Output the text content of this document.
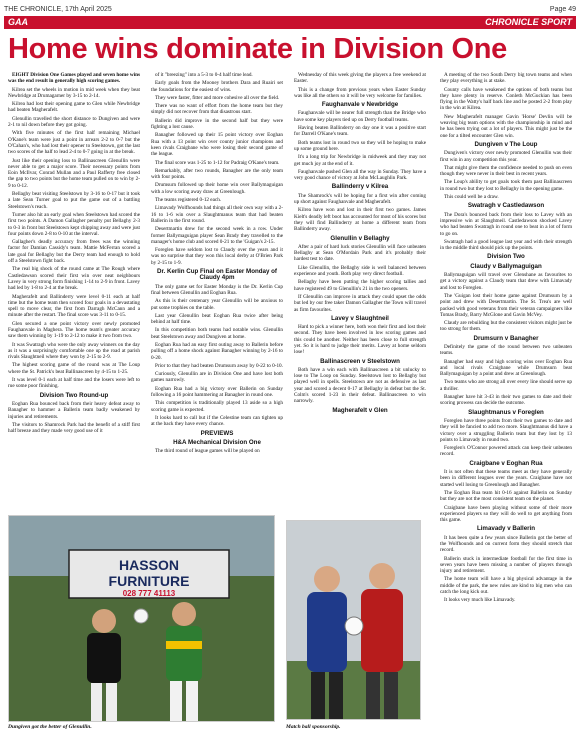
THE CHRONICLE, 17th April 2025	Page 49
GAA	CHRONICLE SPORT
Home wins dominate in Division One

EIGHT Division One Games played and seven home wins was the end result in generally high scoring games.

Kilrea set the wheels in motion in mid week when they beat Newbridge at Drumagarner by 3-15 to 2-14.

Kilrea had lost their opening game to Glen while Newbridge had beaten Magherafelt.

Glenullin travelled the short distance to Dungiven and were 2-1 to nil down before they got going.

With five minutes of the first half remaining Michael O'Kane's team were just a point in arrears 2-2 to 0-7 but the O'Cahan's, who had lost their opener to Steelstown, got the last two scores of the half to lead 2-4 to 0-7 going in at the break.

Just like their opening loss to Ballinascreen Glenullin were never able to get a major score. Their necessary points from Eoin McIlvar, Conrad Mullan and a Paul Rafferty free closed the gap to two points but the home team pulled on to win by 2-9 to 0-12.

Bellaghy beat visiting Steelstown by 3-16 to 0-17 but it took a late Sean Turner goal to put the game out of a battling Steelstown's reach.

Turner also hit an early goal when Steelstown had scored the first two points. A Damon Gallagher penalty put Bellaghy 2-3 to 0-3 in front but Steelstown kept chipping away and were just four points down 2-8 to 0-10 at the interval.

Gallagher's deadly accuracy from frees was the winning factor for Damian Cassidy's team. Mattie McFerran scored a late goal for Bellaghy but the Derry team had enough to hold off a Steelstown fight back.

The real big shock of the round came at The Rough where Castledawson scored their first win over neat neighbours Lavey in very strong form finishing 1-14 to 2-9 in front. Lavey had led by 1-8 to 2-4 at the break.

Magherafelt and Ballinderry were level 0-11 each at half time but the home team then scored four goals in a devastating spell to move clear, the first from Darragh McCann and a minute after the restart. The final score was 3-11 to 0-15.

Glen secured a one point victory over newly promoted Faughanvale in Maghera. The home team's greater accuracy saw them winning by 1-19 to 2-12 to make it two from two.

It was Swatragh who were the only away winners on the day as it was a surprisingly comfortable one up the road at parish rivals Slaughtneil where they won by 2-15 to 2-9.

The highest scoring game of the round was at The Loup where the St. Patrick's beat Ballinascreen by 4-15 to 1-25.

It was level 0-1 each at half time and the losers were left to rue some poor finishing.

Division Two Round-up

Eoghan Rua bounced back from their heavy defeat away to Banagher to hammer a Ballerin team badly weakened by injuries and retirements.

The visitors to Shamrock Park had the benefit of a stiff first half breeze and they made very good use of it

of it "breezing" into a 5-3 to 0-4 half time lead.

Early goals from the Mooney brothers Dara and Ruairi set the foundations for the easiest of wins.

They were faster, fitter and more cohesive all over the field.

There was no want of effort from the home team but they simply did not recover from that disastrous start.

Ballerin did improve in the second half but they were fighting a lost cause.

Banagher followed up their 15 point victory over Eoghan Rua with a 13 point win over county junior champions and keen rivals Craigbane who were losing their second game of the league.

The final score was 1-25 to 1-12 for Padraig O'Kane's team.

Remarkably, after two rounds, Banagher are the only team with four points.

Drumsurn followed up their home win over Ballymaguigan with a low scoring away draw at Greenlough.

The teams registered 0-12 each.

Limavady Wolfhounds had things all their own way with a 2-16 to 1-6 win over a Slaughtmanus team that had beaten Ballerin in the first round.

Desertmartin drew for the second week in a row. Under former Ballymaguigan player Sean Brady they travelled to the manager's home club and scored 0-21 to the 'Guigan's 2-15.

Foreglen have seldom lost to Claudy over the years and it was no surprise that they won this local derby at O'Brien Park by 2-15 to 1-9.

Dr. Kerlin Cup Final on Easter Monday of Claudy 4pm

The only game set for Easter Monday is the Dr. Kerlin Cup final between Glenullin and Eoghan Rua.

As this is their centenary year Glenullin will be anxious to put some trophies on the table.

Last year Glenullin beat Eoghan Rua twice after being behind at half time.

In this competition both teams had notable wins. Glenullin beat Steelstown away and Dungiven at home.

Eoghan Rua had an easy first outing away to Ballerin before pulling off a home shock against Banagher winning by 2-16 to 0-20.

Prior to that they had beaten Drumsurn away by 0-22 to 0-10.

Curiously, Glenullin are in Division One and have lost both games narrowly.

Eoghan Rua had a big victory over Ballerin on Sunday following a 16 point hammering at Banagher in round one.

This competition is traditionally played 13 aside so a high scoring game is expected.

It looks hard to call but if the Celestine team can tighten up at the back they have every chance.

PREVIEWS
H&A Mechanical Division One

The third round of league games will be played on

Wednesday of this week giving the players a free weekend at Easter.

This is a change from previous years when Easter Sunday was like all the others so it will be very welcome for families.

Faughanvale v Newbridge

Faughanvale will be nearer full strength than the Bridge who have some key players tied up on Derry football teams.

Having beaten Ballinderry on day one it was a positive start for Darrell O'Kane's team.

Both teams lost in round two so they will be hoping to make up some ground here.

It's a long trip for Newbridge in midweek and they may not get much joy at the end of it.

Faughanvale pushed Glen all the way in Sunday. They have a very good chance of victory at John McLaughlin Park.

Ballinderry v Kilrea

The Shamrock's will be hoping for a first win after coming up short against Faughanvale and Magherafelt.

Kilrea have won and lost in their first two games. James Kielt's deadly left boot has accounted for most of his scores but they will find Ballinderry at home a different team from Ballinderry away.

Glenullin v Bellaghy

After a pair of hard luck stories Glenullin will face unbeaten Bellaghy at Sean O'Mordain Park and it's probably their hardest test to date.

Like Glenullin, the Bellaghy side is well balanced between experience and youth. Both play very direct football.

Bellaghy have been putting the higher scoring tallies and have registered 49 to Glenullin's 21 in the two openers.

If Glenullin can improve in attack they could upset the odds but led by our free taker Damon Gallagher the Town will travel as firm favourites.

Lavey v Slaughtneil

Hard to pick a winner here, both won their first and lost their second. They have been involved in low scoring games and this could be another. Neither has been close to full strength yet. So it is hard to judge their merits. Lavey at home seldom lose!

Ballinascreen v Steelstown

Both have a win each with Ballinascreen a bit unlucky to lose to The Loop on Sunday. Steelstown lost to Bellaghy but played well in spells. Steelstown are not as defensive as last year and scored a decent 0-17 at Bellaghy in defeat but the St. Colm's scored 1-23 in their defeat. Ballinascreen to win narrowly.

Magherafelt v Glen

A meeting of the two South Derry big town teams and when they play everything is at stake.

County calls have weakened the options of both teams but they have plenty in reserve. Conleth McGuckian has been flying in the Watty's half back line and he posted 2-2 from play in the win at Kilrea.

New Magherafelt manager Gavin 'Horse' Devlin will be weaving big team options with the championship in mind and he has been trying out a lot of players. This might just be the one for a tilted encounter Glen win.

Dungiven v The Loup

Dungiven's victory over newly promoted Glenullin was their first win in any competition this year.

That might give them the confidence needed to push on even though they were never in their best in recent years.

The Loup's ability to get goals took them past Ballinascreen in round two but they lost to Bellaghy in the opening game.

This could well be a draw.

Swatragh v Castledawson

The Dora's bounced back from their loss to Lavey with an impressive win at Slaughtneil. Castledawson shocked Lavey who had beaten Swatragh in round one to beat in a lot of form to go on.

Swatragh had a good league last year and with their strength in the middle third should pick up the points.

Division Two
Claudy v Ballymaguigan

Ballymaguigan will travel over Glenshane as favourites to get a victory against a Claudy team that drew with Limavady and lost to Foreglen.

The 'Guigan lost their home game against Drumsurn by a point and drew with Desertmartin. The St. Trea's are well packed with good veterans from their veteran campaigners like Tomas Brady, Barry McGlone and Gavin McVey.

Claudy are rebuilding but the consistent visitors might just be too strong for them.

Drumsurn v Banagher

Definitely the game of the round between two unbeaten teams.

Banagher had easy and high scoring wins over Eoghan Rua and local rivals Craigbane while Drumsurn beat Ballymaguigan by a point and drew at Greenlough.

Two teams who are strong all over every line should serve up a thriller.

Banagher have hit 3-43 in their two games to date and their scoring prowess can decide the outcome.

Slaughtmanus v Foreglen

Foreglen have three points from their two games to date and they will be fancied to add two more. Slaughtmanus did have a victory over a struggling Ballerin team but they lost by 13 points to Limavady in round two.

Foreglen's O'Connor powered attack can keep their unbeaten record.

Craigbane v Eoghan Rua

It is not often that these teams meet as they have generally been in different leagues over the years. Craigbane have not started well losing to Greenlough and Banagher.

The Eoghan Rua team hit 0-16 against Ballerin on Sunday but they are not the most consistent team on the planet.

Craigbane have been playing without some of their more experienced players so they will do well to get anything from this game.

Limavady v Ballerin

It has been quite a few years since Ballerin got the better of the Wolfhounds and on current form they should stretch that record.

Ballerin stuck in intermediate football for the first time in seven years have been missing a number of players through injury and retirement.

The home team will have a big physical advantage in the middle of the park, the new rules are kind to big men who can catch the long kick out.

It looks very much like Limavady.

HASSON
FURNITURE
028 777 41113
Dungiven got the better of Glenullin.	Match ball sponsorship.
